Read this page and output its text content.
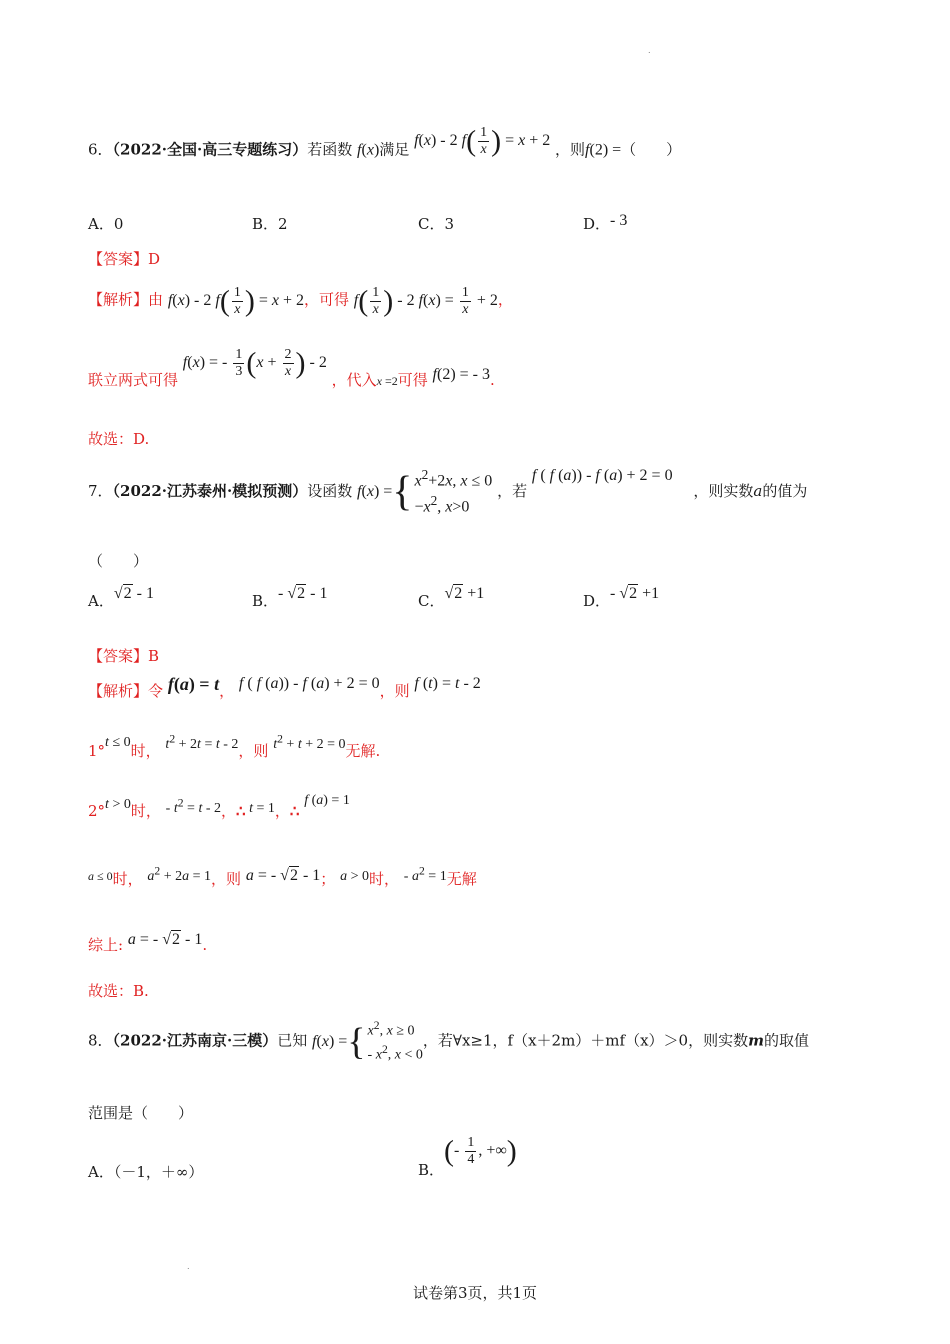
.
.
6．（2022·全国·高三专题练习）若函数 f(x)满足 f(x) - 2 $f( \frac{1}{x}$ ) = x + 2 ，则f(2) =（　　）
A．0	B．2	C．3	D．- 3
【答案】D
【解析】由 f(x) - 2 $f( \frac{1}{x}$ ) = x + 2，可得 $f( \frac{1}{x}$ ) - 2 $f(x) = \frac{1}{x} + 2$，
联立两式可得 f(x) = - $\frac{1}{3} (x + \frac{2}{x}$ ) - 2 ，代入$_{x =2}$可得 f(2) = - 3.
故选：D.
7．（2022·江苏泰州·模拟预测）设函数 f ( x ) = { $x^2+2x$, x ≤ 0
$-x^2$, x>0
，若 f ( f (a)) - f (a) + 2 = 0 ，则实数a的值为
（　　）
A．√2 - 1	B．- √2 - 1	C．√2 +1	D．- √2 +1
【答案】B
【解析】令 f(a) = t， f ( f (a)) - f (a) + 2 = 0，则 f (t) = t - 2
1°t ≤ 0时， $t^2 + 2t = t - 2$，则 $t^2 + t + 2 = 0$无解.
2°t > 0时， - $t^2 = t - 2$，∴ t = 1，∴ f (a) = 1
$^{a \le 0}$时， $a^2 + 2a = 1$，则 a = - √2 - 1； a > 0时， - $a^2 = 1$无解
综上: a = - √2 - 1.
故选：B.
8．（2022·江苏南京·三模）已知 f ( x ) = { $x^2$, x ≥ 0
- $x^2$, x < 0
，若∀x≥1，f（x＋2m）＋mf（x）＞0，则实数m的取值
范围是（　　）
A．（－1，＋∞）	B．(- $\frac{1}{4}$ , +∞)
试卷第3页，共1页
